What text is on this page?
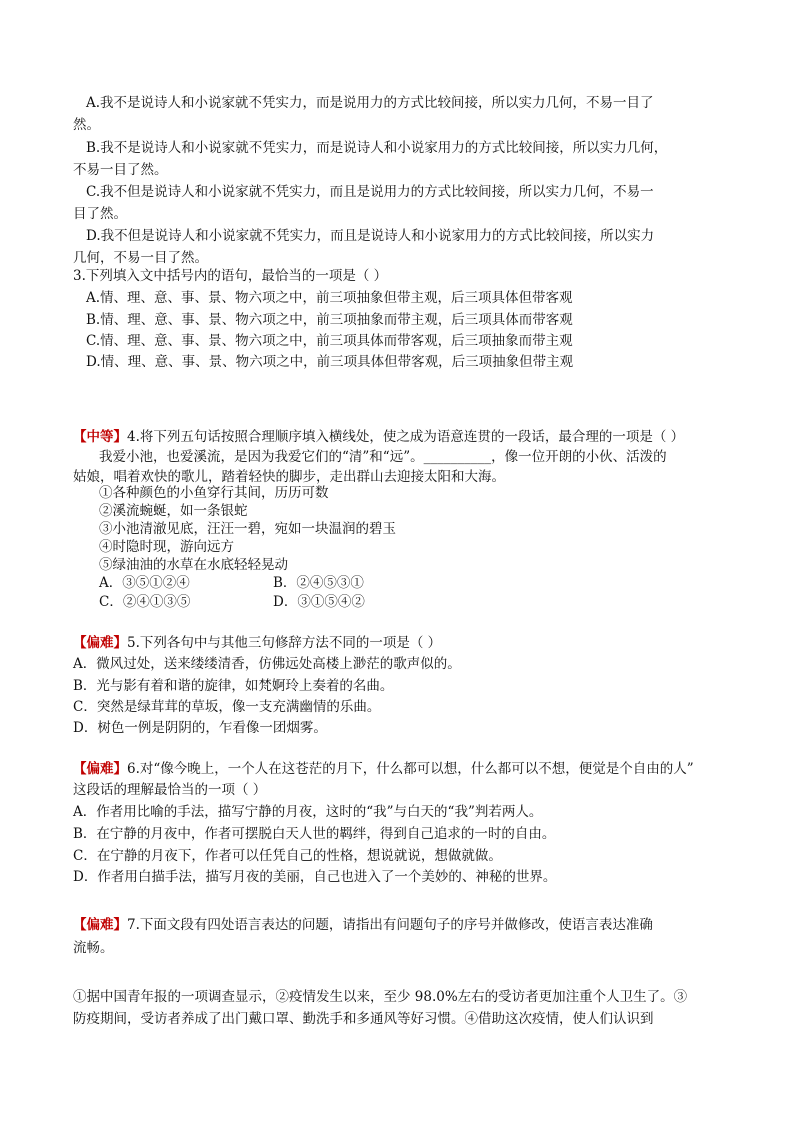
A.我不是说诗人和小说家就不凭实力，而是说用力的方式比较间接，所以实力几何，不易一目了
然。
B.我不是说诗人和小说家就不凭实力，而是说诗人和小说家用力的方式比较间接，所以实力几何，
不易一目了然。
C.我不但是说诗人和小说家就不凭实力，而且是说用力的方式比较间接，所以实力几何，不易一
目了然。
D.我不但是说诗人和小说家就不凭实力，而且是说诗人和小说家用力的方式比较间接，所以实力
几何，不易一目了然。
3.下列填入文中括号内的语句，最恰当的一项是（ ）
A.情、理、意、事、景、物六项之中，前三项抽象但带主观，后三项具体但带客观
B.情、理、意、事、景、物六项之中，前三项抽象而带主观，后三项具体而带客观
C.情、理、意、事、景、物六项之中，前三项具体而带客观，后三项抽象而带主观
D.情、理、意、事、景、物六项之中，前三项具体但带客观，后三项抽象但带主观
【中等】4.将下列五句话按照合理顺序填入横线处，使之成为语意连贯的一段话，最合理的一项是（ ）
我爱小池，也爱溪流，是因为我爱它们的“清”和“远”。__________，像一位开朗的小伙、活泼的
姑娘，唱着欢快的歌儿，踏着轻快的脚步，走出群山去迎接太阳和大海。
①各种颜色的小鱼穿行其间，历历可数
②溪流蜿蜒，如一条银蛇
③小池清澈见底，汪汪一碧，宛如一块温润的碧玉
④时隐时现，游向远方
⑤绿油油的水草在水底轻轻晃动
A．③⑤①②④	B．②④⑤③①
C．②④①③⑤	D．③①⑤④②
【偏难】5.下列各句中与其他三句修辞方法不同的一项是（ ）
A．微风过处，送来缕缕清香，仿佛远处高楼上渺茫的歌声似的。
B．光与影有着和谐的旋律，如梵婀玲上奏着的名曲。
C．突然是绿茸茸的草坂，像一支充满幽情的乐曲。
D．树色一例是阴阴的，乍看像一团烟雾。
【偏难】6.对“像今晚上，一个人在这苍茫的月下，什么都可以想，什么都可以不想，便觉是个自由的人”
这段话的理解最恰当的一项（ ）
A．作者用比喻的手法，描写宁静的月夜，这时的“我”与白天的“我”判若两人。
B．在宁静的月夜中，作者可摆脱白天人世的羁绊，得到自己追求的一时的自由。
C．在宁静的月夜下，作者可以任凭自己的性格，想说就说，想做就做。
D．作者用白描手法，描写月夜的美丽，自己也进入了一个美妙的、神秘的世界。
【偏难】7.下面文段有四处语言表达的问题，请指出有问题句子的序号并做修改，使语言表达准确
流畅。
①据中国青年报的一项调查显示，②疫情发生以来，至少 98.0%左右的受访者更加注重个人卫生了。③
防疫期间，受访者养成了出门戴口罩、勤洗手和多通风等好习惯。④借助这次疫情，使人们认识到
